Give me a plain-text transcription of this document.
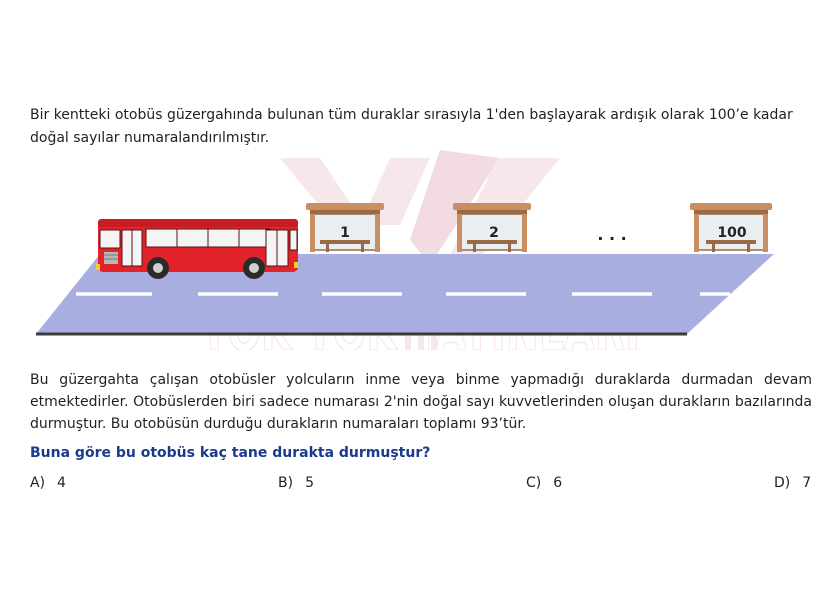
Bir kentteki otobüs güzergahında bulunan tüm duraklar sırasıyla 1'den başlayarak ardışık olarak 100’e kadar doğal sayılar numaralandırılmıştır.

1	2	. . .	100

Bu güzergahta çalışan otobüsler yolcuların inme veya binme yapmadığı duraklarda durmadan devam etmektedirler. Otobüslerden biri sadece numarası 2'nin doğal sayı kuvvetlerinden oluşan durakların bazılarında durmuştur. Bu otobüsün durduğu durakların numaraları toplamı 93’tür.

Buna göre bu otobüs kaç tane durakta durmuştur?

A) 4	B) 5	C) 6	D) 7
